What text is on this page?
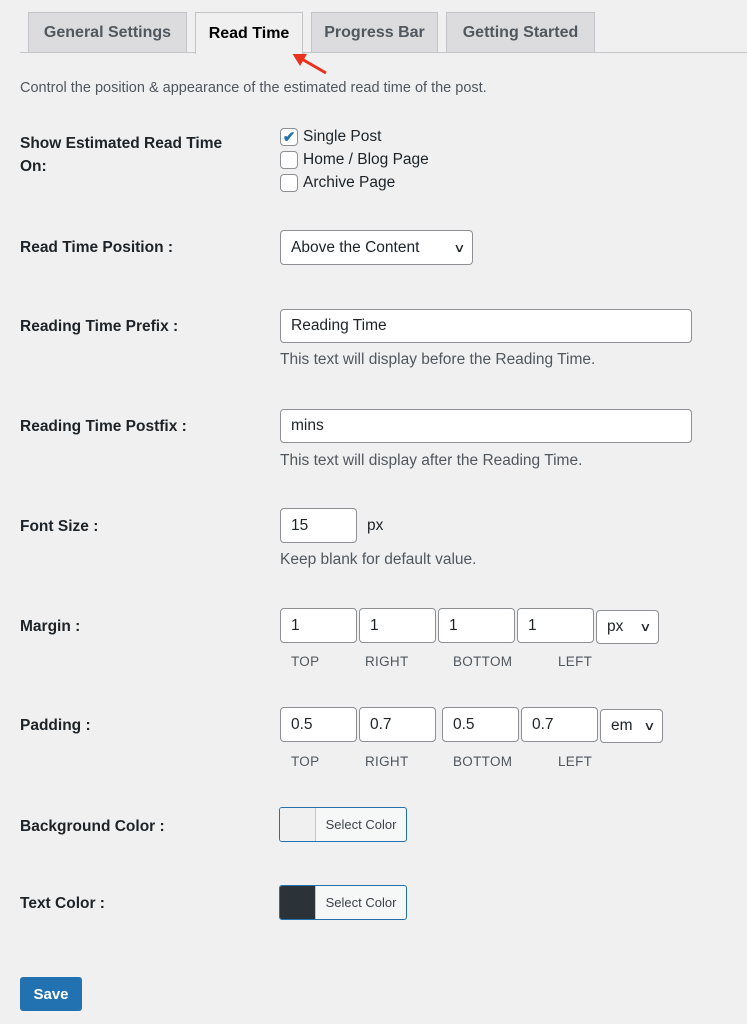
General Settings	Read Time	Progress Bar	Getting Started
Control the position & appearance of the estimated read time of the post.
Show Estimated Read Time On:
✔ Single Post
Home / Blog Page
Archive Page
Read Time Position :	Above the Content	∨
Reading Time Prefix :	Reading Time
This text will display before the Reading Time.
Reading Time Postfix :	mins
This text will display after the Reading Time.
Font Size :	15	px
Keep blank for default value.
Margin :	1	1	1	1	px ∨
TOP	RIGHT	BOTTOM	LEFT
Padding :	0.5	0.7	0.5	0.7	em ∨
TOP	RIGHT	BOTTOM	LEFT
Background Color :	Select Color
Text Color :	Select Color
Save
